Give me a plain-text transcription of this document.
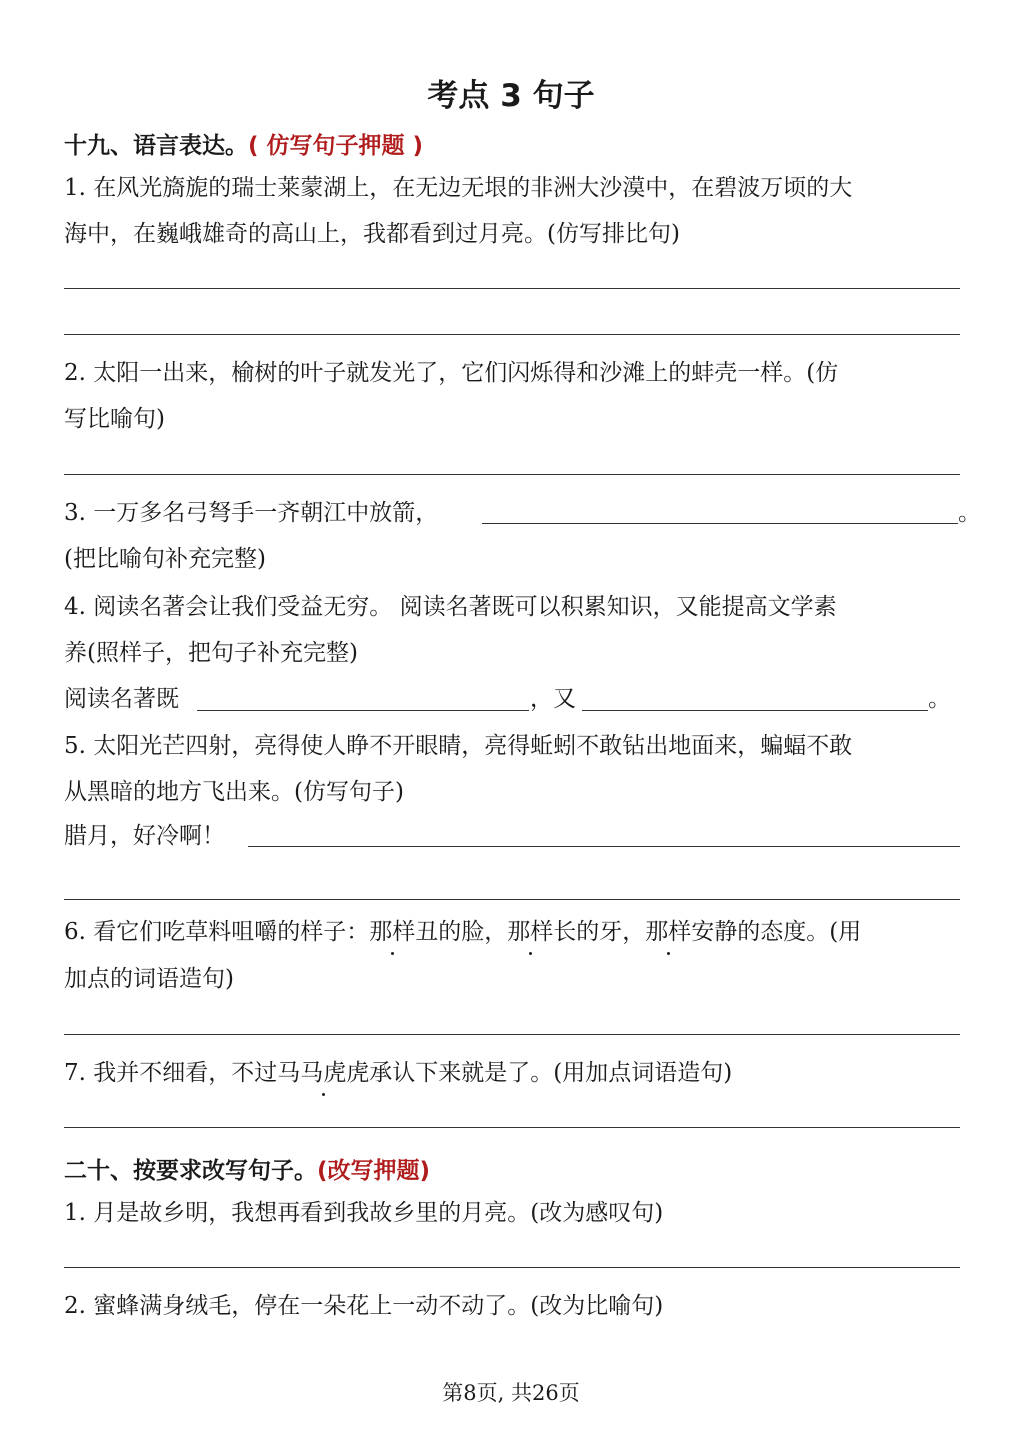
考点 3 句子
十九、语言表达。( 仿写句子押题 )
1. 在风光旖旎的瑞士莱蒙湖上，在无边无垠的非洲大沙漠中，在碧波万顷的大
海中，在巍峨雄奇的高山上，我都看到过月亮。(仿写排比句)
2. 太阳一出来，榆树的叶子就发光了，它们闪烁得和沙滩上的蚌壳一样。(仿
写比喻句)
3. 一万多名弓弩手一齐朝江中放箭，	。
(把比喻句补充完整)
4. 阅读名著会让我们受益无穷。 阅读名著既可以积累知识，又能提高文学素
养(照样子，把句子补充完整)
阅读名著既	，又	。
5. 太阳光芒四射，亮得使人睁不开眼睛，亮得蚯蚓不敢钻出地面来，蝙蝠不敢
从黑暗的地方飞出来。(仿写句子)
腊月，好冷啊！
6. 看它们吃草料咀嚼的样子：那样丑的脸，那样长的牙，那样安静的态度。(用
加点的词语造句)
7. 我并不细看，不过马马虎虎承认下来就是了。(用加点词语造句)
二十、按要求改写句子。(改写押题)
1. 月是故乡明，我想再看到我故乡里的月亮。(改为感叹句)
2. 蜜蜂满身绒毛，停在一朵花上一动不动了。(改为比喻句)
第8页, 共26页
